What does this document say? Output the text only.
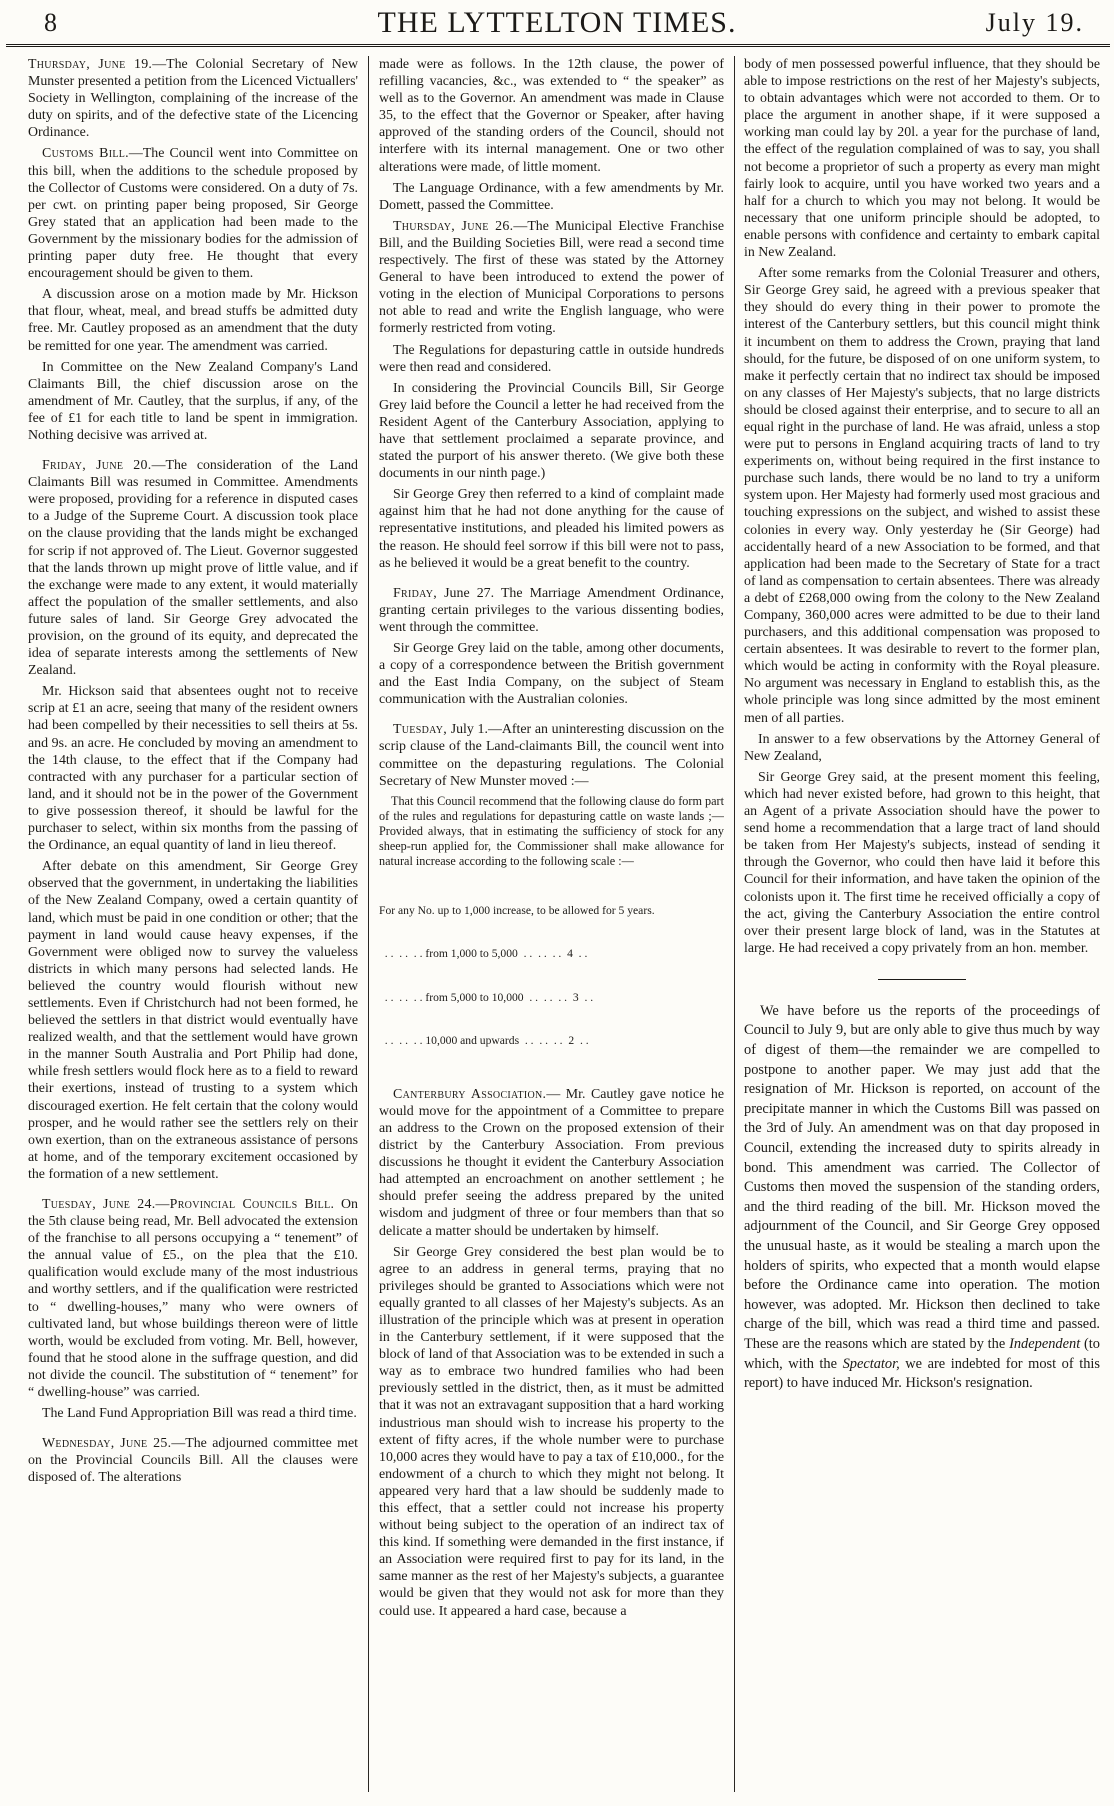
8	THE LYTTELTON TIMES.	July 19.

Thursday, June 19.—The Colonial Secretary of New Munster presented a petition from the Licenced Victuallers' Society in Wellington, complaining of the increase of the duty on spirits, and of the defective state of the Licencing Ordinance.

Customs Bill.—The Council went into Committee on this bill, when the additions to the schedule proposed by the Collector of Customs were considered. On a duty of 7s. per cwt. on printing paper being proposed, Sir George Grey stated that an application had been made to the Government by the missionary bodies for the admission of printing paper duty free. He thought that every encouragement should be given to them.

A discussion arose on a motion made by Mr. Hickson that flour, wheat, meal, and bread stuffs be admitted duty free. Mr. Cautley proposed as an amendment that the duty be remitted for one year. The amendment was carried.

In Committee on the New Zealand Company's Land Claimants Bill, the chief discussion arose on the amendment of Mr. Cautley, that the surplus, if any, of the fee of £1 for each title to land be spent in immigration. Nothing decisive was arrived at.

Friday, June 20.—The consideration of the Land Claimants Bill was resumed in Committee. Amendments were proposed, providing for a reference in disputed cases to a Judge of the Supreme Court. A discussion took place on the clause providing that the lands might be exchanged for scrip if not approved of. The Lieut. Governor suggested that the lands thrown up might prove of little value, and if the exchange were made to any extent, it would materially affect the population of the smaller settlements, and also future sales of land. Sir George Grey advocated the provision, on the ground of its equity, and deprecated the idea of separate interests among the settlements of New Zealand.

Mr. Hickson said that absentees ought not to receive scrip at £1 an acre, seeing that many of the resident owners had been compelled by their necessities to sell theirs at 5s. and 9s. an acre. He concluded by moving an amendment to the 14th clause, to the effect that if the Company had contracted with any purchaser for a particular section of land, and it should not be in the power of the Government to give possession thereof, it should be lawful for the purchaser to select, within six months from the passing of the Ordinance, an equal quantity of land in lieu thereof.

After debate on this amendment, Sir George Grey observed that the government, in undertaking the liabilities of the New Zealand Company, owed a certain quantity of land, which must be paid in one condition or other; that the payment in land would cause heavy expenses, if the Government were obliged now to survey the valueless districts in which many persons had selected lands. He believed the country would flourish without new settlements. Even if Christchurch had not been formed, he believed the settlers in that district would eventually have realized wealth, and that the settlement would have grown in the manner South Australia and Port Philip had done, while fresh settlers would flock here as to a field to reward their exertions, instead of trusting to a system which discouraged exertion. He felt certain that the colony would prosper, and he would rather see the settlers rely on their own exertion, than on the extraneous assistance of persons at home, and of the temporary excitement occasioned by the formation of a new settlement.

Tuesday, June 24.—Provincial Councils Bill. On the 5th clause being read, Mr. Bell advocated the extension of the franchise to all persons occupying a “ tenement” of the annual value of £5., on the plea that the £10. qualification would exclude many of the most industrious and worthy settlers, and if the qualification were restricted to “ dwelling-houses,” many who were owners of cultivated land, but whose buildings thereon were of little worth, would be excluded from voting. Mr. Bell, however, found that he stood alone in the suffrage question, and did not divide the council. The substitution of “ tenement” for “ dwelling-house” was carried.

The Land Fund Appropriation Bill was read a third time.

Wednesday, June 25.—The adjourned committee met on the Provincial Councils Bill. All the clauses were disposed of. The alterations

made were as follows. In the 12th clause, the power of refilling vacancies, &c., was extended to “ the speaker” as well as to the Governor. An amendment was made in Clause 35, to the effect that the Governor or Speaker, after having approved of the standing orders of the Council, should not interfere with its internal management. One or two other alterations were made, of little moment.

The Language Ordinance, with a few amendments by Mr. Domett, passed the Committee.

Thursday, June 26.—The Municipal Elective Franchise Bill, and the Building Societies Bill, were read a second time respectively. The first of these was stated by the Attorney General to have been introduced to extend the power of voting in the election of Municipal Corporations to persons not able to read and write the English language, who were formerly restricted from voting.

The Regulations for depasturing cattle in outside hundreds were then read and considered.

In considering the Provincial Councils Bill, Sir George Grey laid before the Council a letter he had received from the Resident Agent of the Canterbury Association, applying to have that settlement proclaimed a separate province, and stated the purport of his answer thereto. (We give both these documents in our ninth page.)

Sir George Grey then referred to a kind of complaint made against him that he had not done anything for the cause of representative institutions, and pleaded his limited powers as the reason. He should feel sorrow if this bill were not to pass, as he believed it would be a great benefit to the country.

Friday, June 27. The Marriage Amendment Ordinance, granting certain privileges to the various dissenting bodies, went through the committee.

Sir George Grey laid on the table, among other documents, a copy of a correspondence between the British government and the East India Company, on the subject of Steam communication with the Australian colonies.

Tuesday, July 1.—After an uninteresting discussion on the scrip clause of the Land-claimants Bill, the council went into committee on the depasturing regulations. The Colonial Secretary of New Munster moved :—

That this Council recommend that the following clause do form part of the rules and regulations for depasturing cattle on waste lands ;—Provided always, that in estimating the sufficiency of stock for any sheep-run applied for, the Commissioner shall make allowance for natural increase according to the following scale :—

For any No. up to 1,000 increase, to be allowed for 5 years.

. .  . .  . . from 1,000 to 5,000  . .  . .  . .  4  . .

. .  . .  . . from 5,000 to 10,000  . .  . .  . .  3  . .

. .  . .  . . 10,000 and upwards  . .  . .  . .  2  . .

Canterbury Association.— Mr. Cautley gave notice he would move for the appointment of a Committee to prepare an address to the Crown on the proposed extension of their district by the Canterbury Association. From previous discussions he thought it evident the Canterbury Association had attempted an encroachment on another settlement ; he should prefer seeing the address prepared by the united wisdom and judgment of three or four members than that so delicate a matter should be undertaken by himself.

Sir George Grey considered the best plan would be to agree to an address in general terms, praying that no privileges should be granted to Associations which were not equally granted to all classes of her Majesty's subjects. As an illustration of the principle which was at present in operation in the Canterbury settlement, if it were supposed that the block of land of that Association was to be extended in such a way as to embrace two hundred families who had been previously settled in the district, then, as it must be admitted that it was not an extravagant supposition that a hard working industrious man should wish to increase his property to the extent of fifty acres, if the whole number were to purchase 10,000 acres they would have to pay a tax of £10,000., for the endowment of a church to which they might not belong. It appeared very hard that a law should be suddenly made to this effect, that a settler could not increase his property without being subject to the operation of an indirect tax of this kind. If something were demanded in the first instance, if an Association were required first to pay for its land, in the same manner as the rest of her Majesty's subjects, a guarantee would be given that they would not ask for more than they could use. It appeared a hard case, because a

body of men possessed powerful influence, that they should be able to impose restrictions on the rest of her Majesty's subjects, to obtain advantages which were not accorded to them. Or to place the argument in another shape, if it were supposed a working man could lay by 20l. a year for the purchase of land, the effect of the regulation complained of was to say, you shall not become a proprietor of such a property as every man might fairly look to acquire, until you have worked two years and a half for a church to which you may not belong. It would be necessary that one uniform principle should be adopted, to enable persons with confidence and certainty to embark capital in New Zealand.

After some remarks from the Colonial Treasurer and others, Sir George Grey said, he agreed with a previous speaker that they should do every thing in their power to promote the interest of the Canterbury settlers, but this council might think it incumbent on them to address the Crown, praying that land should, for the future, be disposed of on one uniform system, to make it perfectly certain that no indirect tax should be imposed on any classes of Her Majesty's subjects, that no large districts should be closed against their enterprise, and to secure to all an equal right in the purchase of land. He was afraid, unless a stop were put to persons in England acquiring tracts of land to try experiments on, without being required in the first instance to purchase such lands, there would be no land to try a uniform system upon. Her Majesty had formerly used most gracious and touching expressions on the subject, and wished to assist these colonies in every way. Only yesterday he (Sir George) had accidentally heard of a new Association to be formed, and that application had been made to the Secretary of State for a tract of land as compensation to certain absentees. There was already a debt of £268,000 owing from the colony to the New Zealand Company, 360,000 acres were admitted to be due to their land purchasers, and this additional compensation was proposed to certain absentees. It was desirable to revert to the former plan, which would be acting in conformity with the Royal pleasure. No argument was necessary in England to establish this, as the whole principle was long since admitted by the most eminent men of all parties.

In answer to a few observations by the Attorney General of New Zealand,

Sir George Grey said, at the present moment this feeling, which had never existed before, had grown to this height, that an Agent of a private Association should have the power to send home a recommendation that a large tract of land should be taken from Her Majesty's subjects, instead of sending it through the Governor, who could then have laid it before this Council for their information, and have taken the opinion of the colonists upon it. The first time he received officially a copy of the act, giving the Canterbury Association the entire control over their present large block of land, was in the Statutes at large. He had received a copy privately from an hon. member.

We have before us the reports of the proceedings of Council to July 9, but are only able to give thus much by way of digest of them—the remainder we are compelled to postpone to another paper. We may just add that the resignation of Mr. Hickson is reported, on account of the precipitate manner in which the Customs Bill was passed on the 3rd of July. An amendment was on that day proposed in Council, extending the increased duty to spirits already in bond. This amendment was carried. The Collector of Customs then moved the suspension of the standing orders, and the third reading of the bill. Mr. Hickson moved the adjournment of the Council, and Sir George Grey opposed the unusual haste, as it would be stealing a march upon the holders of spirits, who expected that a month would elapse before the Ordinance came into operation. The motion however, was adopted. Mr. Hickson then declined to take charge of the bill, which was read a third time and passed. These are the reasons which are stated by the Independent (to which, with the Spectator, we are indebted for most of this report) to have induced Mr. Hickson's resignation.
